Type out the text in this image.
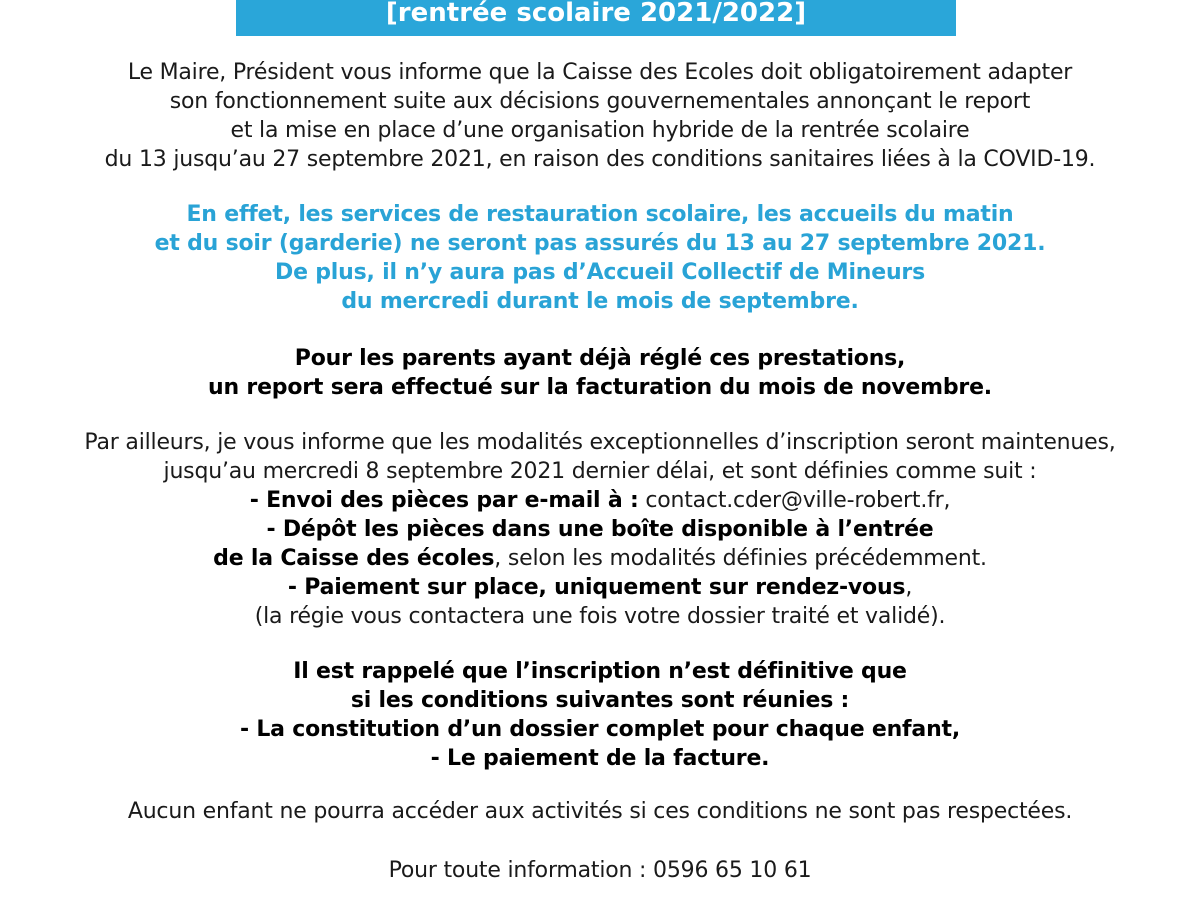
[rentrée scolaire 2021/2022]
Le Maire, Président vous informe que la Caisse des Ecoles doit obligatoirement adapter
son fonctionnement suite aux décisions gouvernementales annonçant le report
et la mise en place d’une organisation hybride de la rentrée scolaire
du 13 jusqu’au 27 septembre 2021, en raison des conditions sanitaires liées à la COVID-19.
En effet, les services de restauration scolaire, les accueils du matin
et du soir (garderie) ne seront pas assurés du 13 au 27 septembre 2021.
De plus, il n’y aura pas d’Accueil Collectif de Mineurs
du mercredi durant le mois de septembre.
Pour les parents ayant déjà réglé ces prestations,
un report sera effectué sur la facturation du mois de novembre.
Par ailleurs, je vous informe que les modalités exceptionnelles d’inscription seront maintenues,
jusqu’au mercredi 8 septembre 2021 dernier délai, et sont définies comme suit :
- Envoi des pièces par e-mail à : contact.cder@ville-robert.fr,
- Dépôt les pièces dans une boîte disponible à l’entrée
de la Caisse des écoles, selon les modalités définies précédemment.
- Paiement sur place, uniquement sur rendez-vous,
(la régie vous contactera une fois votre dossier traité et validé).
Il est rappelé que l’inscription n’est définitive que
si les conditions suivantes sont réunies :
- La constitution d’un dossier complet pour chaque enfant,
- Le paiement de la facture.
Aucun enfant ne pourra accéder aux activités si ces conditions ne sont pas respectées.
Pour toute information : 0596 65 10 61
